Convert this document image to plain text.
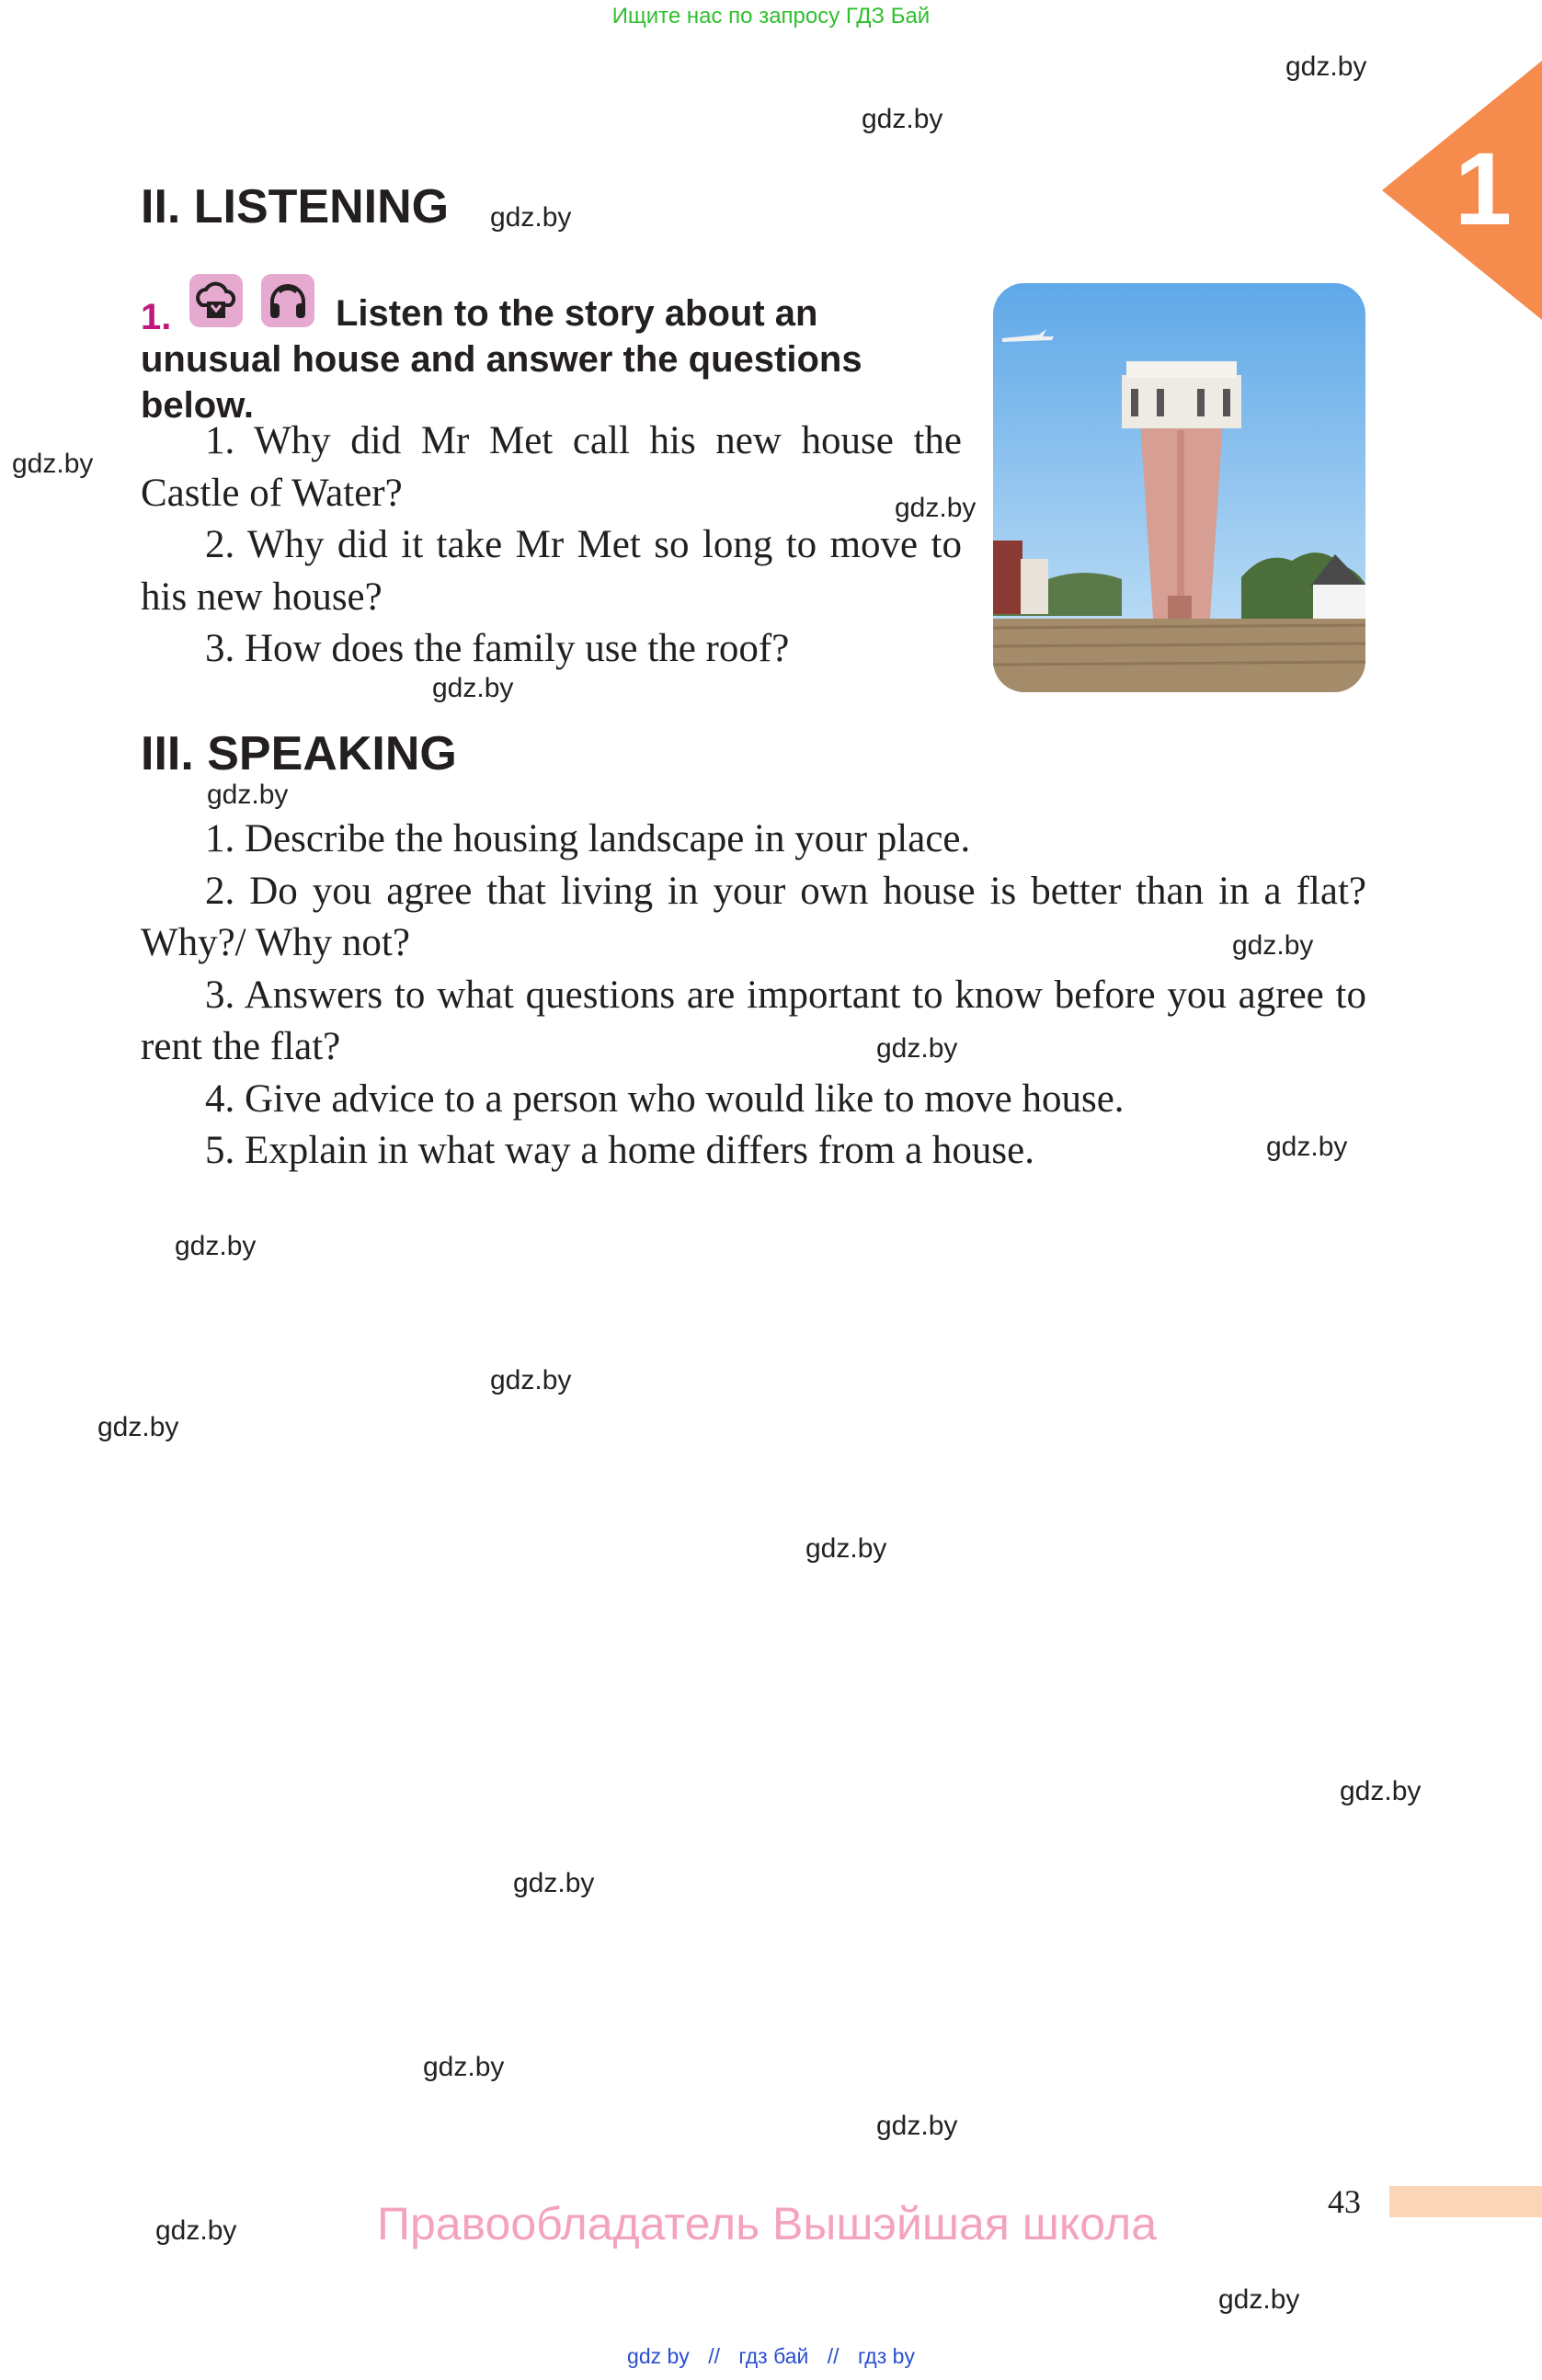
Ищите нас по запросу ГДЗ Бай
1
II. LISTENING
1.	Listen to the story about an unusual house and answer the questions below.

1. Why did Mr Met call his new house the Castle of Water?

2. Why did it take Mr Met so long to move to his new house?

3. How does the family use the roof?

III. SPEAKING

1. Describe the housing landscape in your place.

2. Do you agree that living in your own house is better than in a flat? Why?/ Why not?

3. Answers to what questions are important to know before you agree to rent the flat?

4. Give advice to a person who would like to move house.

5. Explain in what way a home differs from a house.

gdz.by
gdz.by
gdz.by
gdz.by
gdz.by
gdz.by
gdz.by
gdz.by
gdz.by
gdz.by
gdz.by
gdz.by
gdz.by
gdz.by
gdz.by
gdz.by
gdz.by
gdz.by
gdz.by
gdz.by
43
Правообладатель Вышэйшая школа
gdz by // гдз бай // гдз by
